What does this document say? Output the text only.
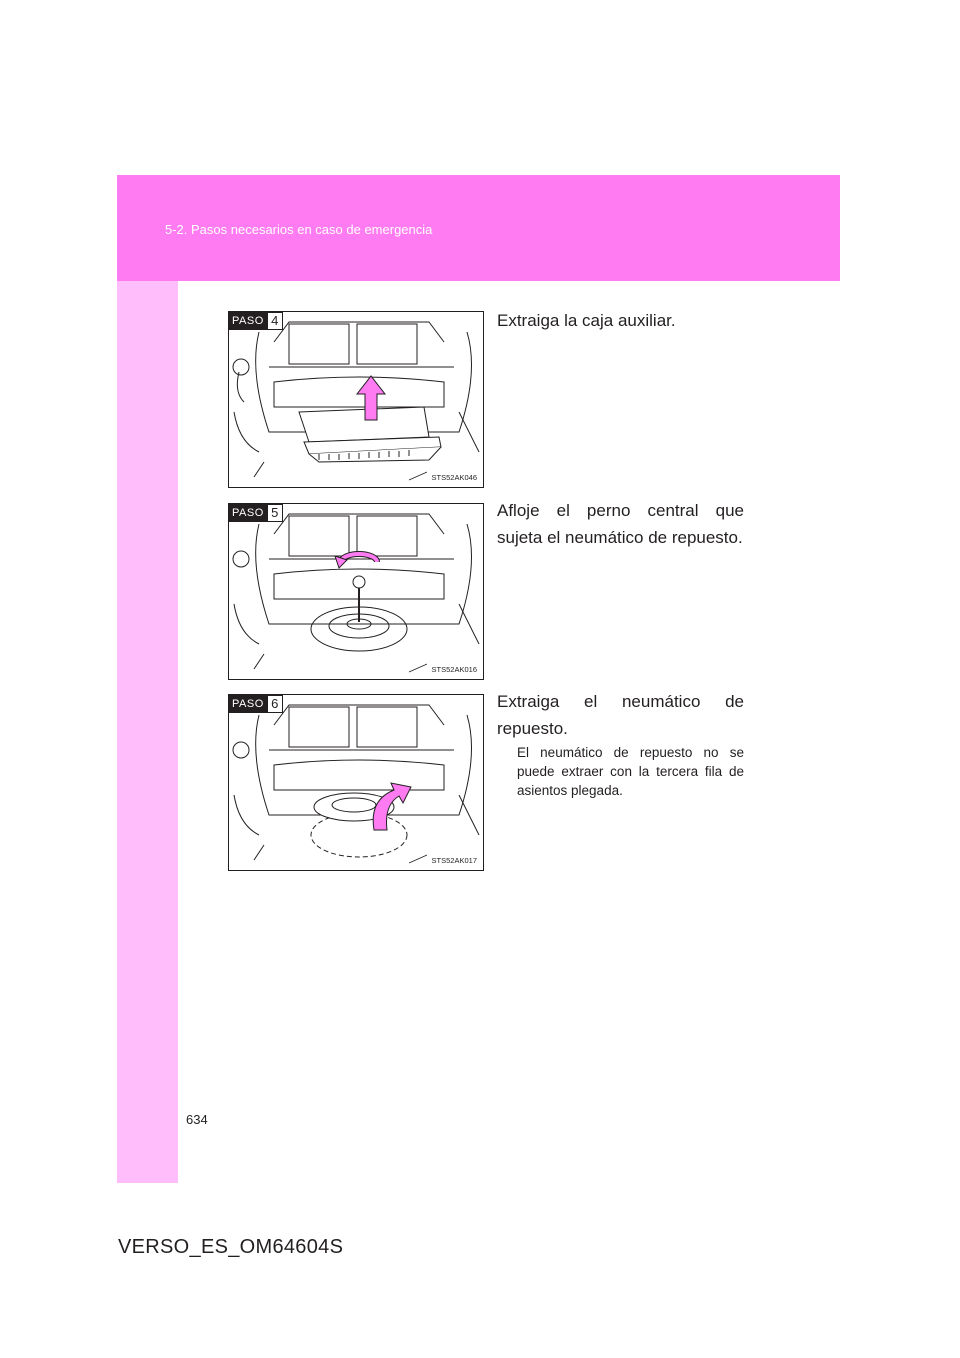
5-2. Pasos necesarios en caso de emergencia
PASO 4
STS52AK046
Extraiga la caja auxiliar.
PASO 5
STS52AK016
Afloje el perno central que sujeta el neumático de repuesto.
PASO 6
STS52AK017
Extraiga el neumático de repuesto.
El neumático de repuesto no se puede extraer con la tercera fila de asientos plegada.
634
VERSO_ES_OM64604S
